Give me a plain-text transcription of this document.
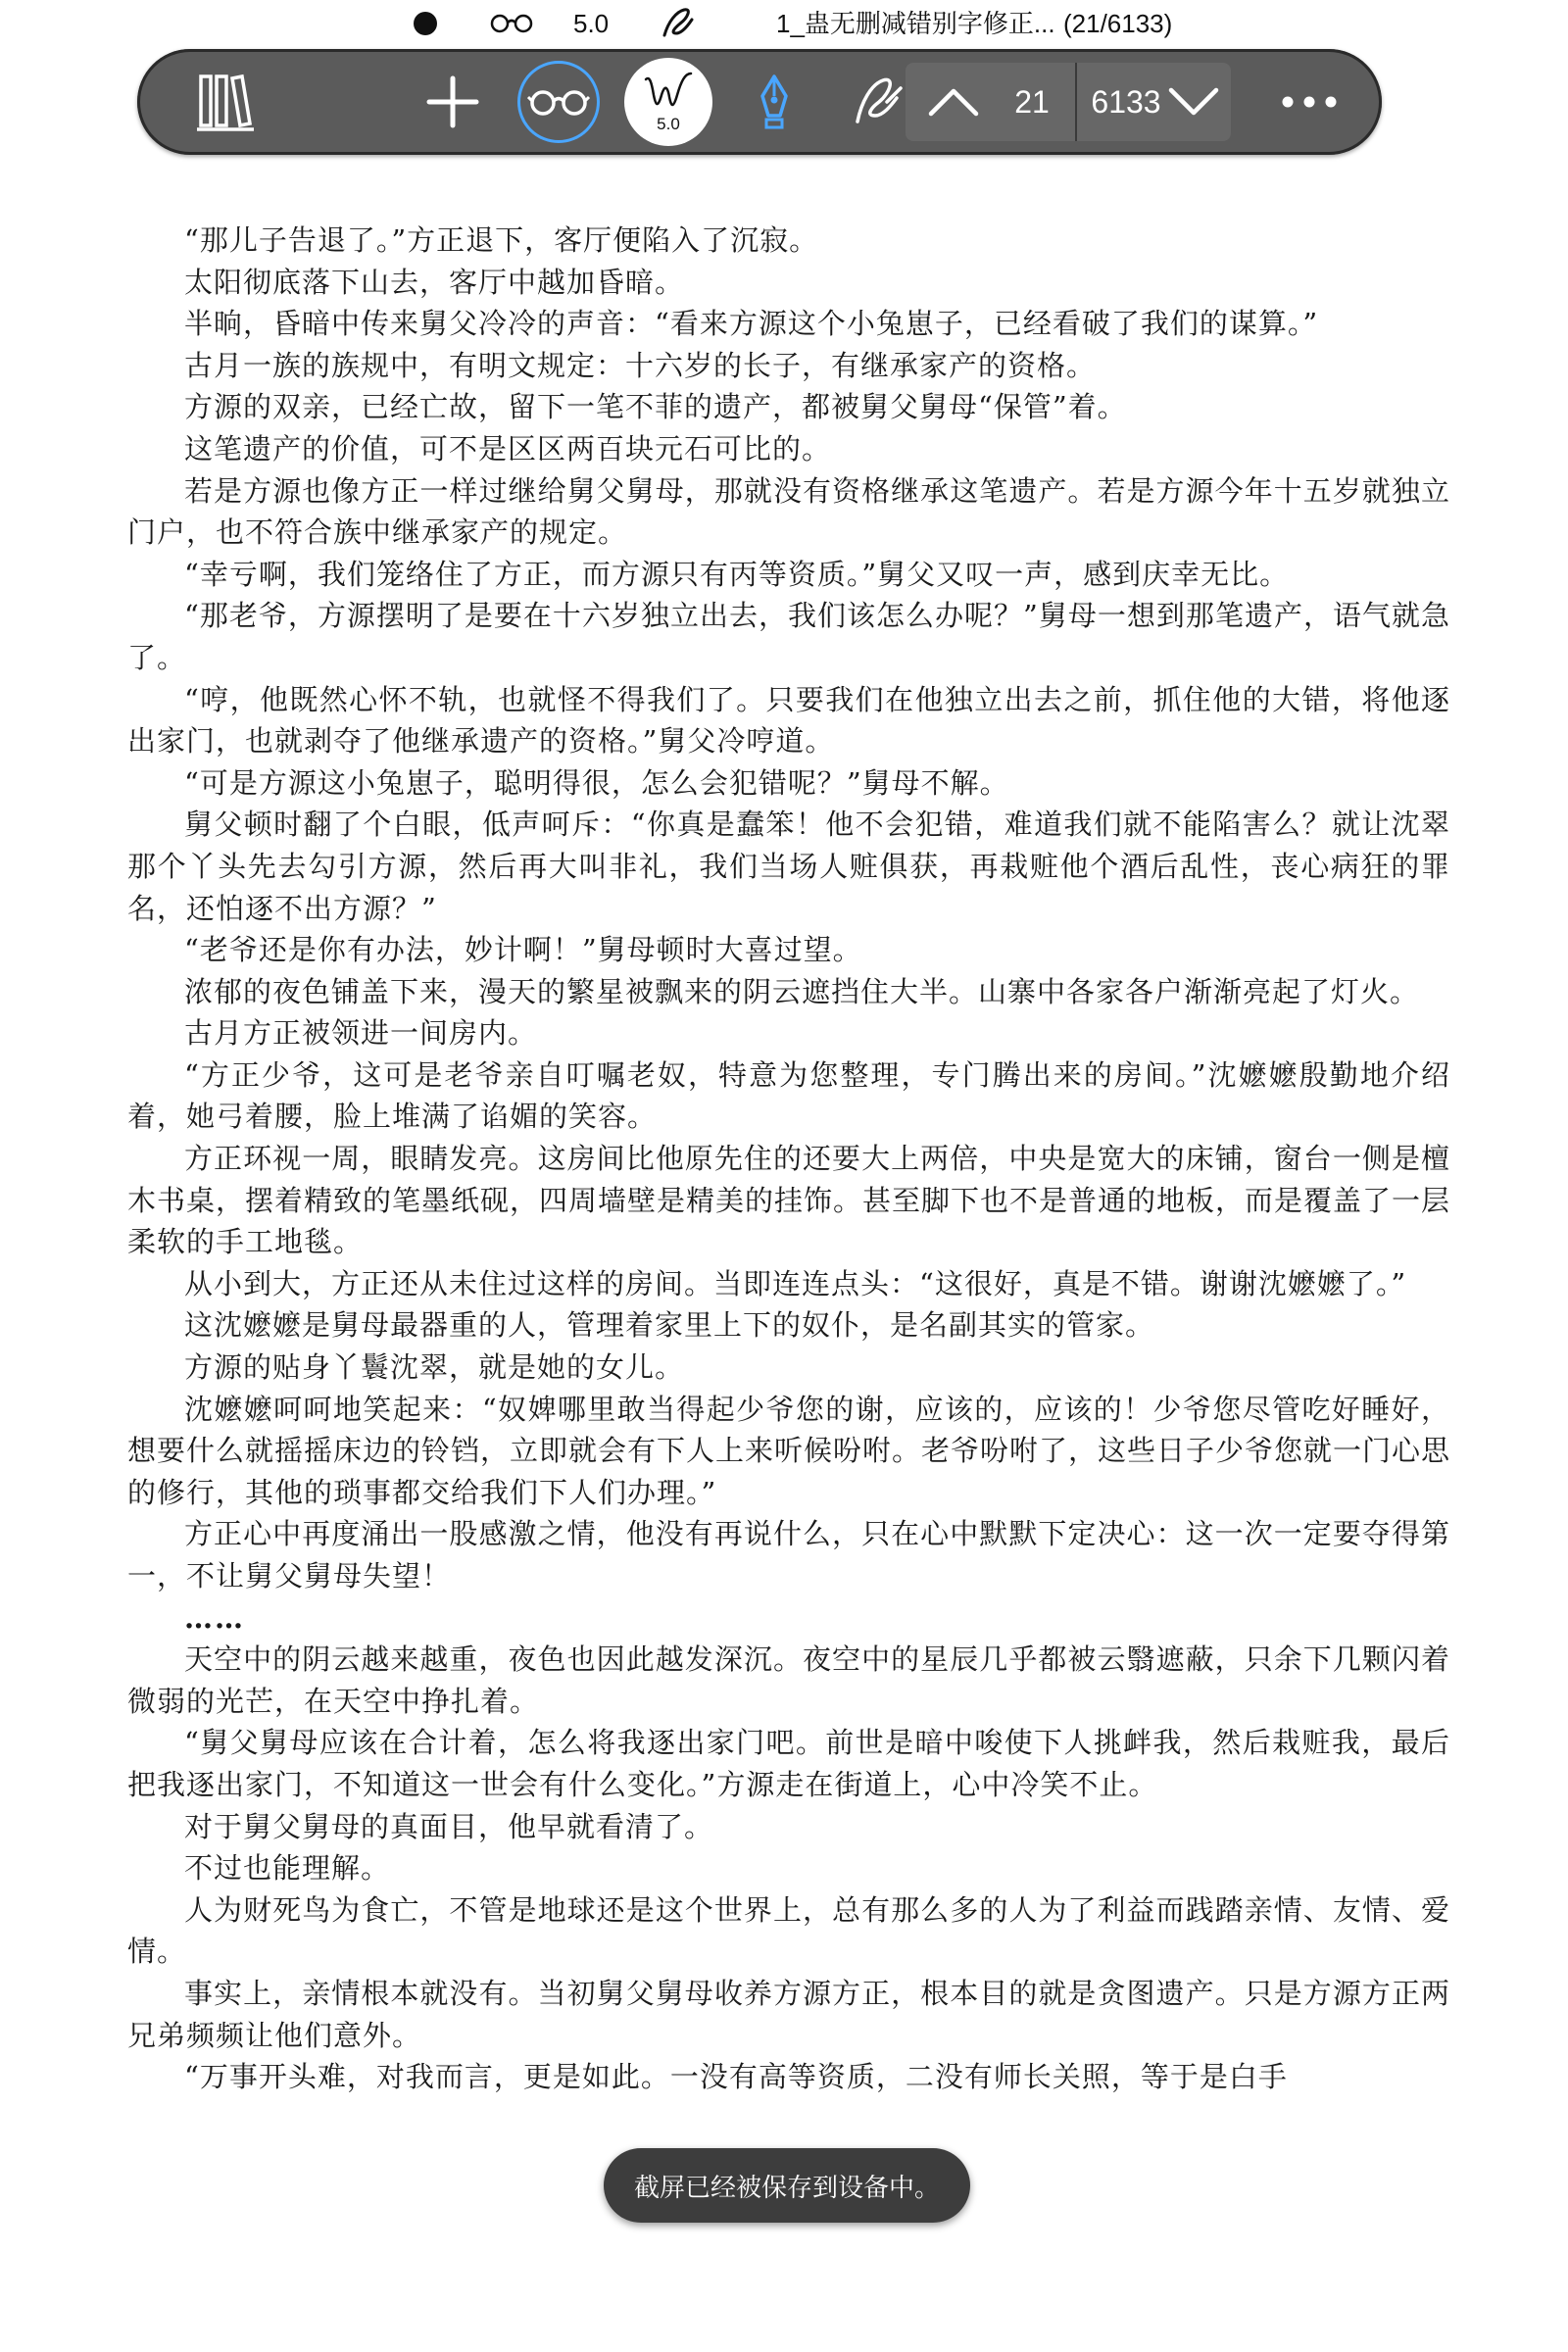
5.0	1_蛊无删减错别字修正... (21/6133)
5.0
21	6133

“那儿子告退了。”方正退下，客厅便陷入了沉寂。

太阳彻底落下山去，客厅中越加昏暗。

半晌，昏暗中传来舅父冷冷的声音：“看来方源这个小兔崽子，已经看破了我们的谋算。”

古月一族的族规中，有明文规定：十六岁的长子，有继承家产的资格。

方源的双亲，已经亡故，留下一笔不菲的遗产，都被舅父舅母“保管”着。

这笔遗产的价值，可不是区区两百块元石可比的。

若是方源也像方正一样过继给舅父舅母，那就没有资格继承这笔遗产。若是方源今年十五岁就独立门户，也不符合族中继承家产的规定。

“幸亏啊，我们笼络住了方正，而方源只有丙等资质。”舅父又叹一声，感到庆幸无比。

“那老爷，方源摆明了是要在十六岁独立出去，我们该怎么办呢？”舅母一想到那笔遗产，语气就急了。

“哼，他既然心怀不轨，也就怪不得我们了。只要我们在他独立出去之前，抓住他的大错，将他逐出家门，也就剥夺了他继承遗产的资格。”舅父冷哼道。

“可是方源这小兔崽子，聪明得很，怎么会犯错呢？”舅母不解。

舅父顿时翻了个白眼，低声呵斥：“你真是蠢笨！他不会犯错，难道我们就不能陷害么？就让沈翠那个丫头先去勾引方源，然后再大叫非礼，我们当场人赃俱获，再栽赃他个酒后乱性，丧心病狂的罪名，还怕逐不出方源？”

“老爷还是你有办法，妙计啊！”舅母顿时大喜过望。

浓郁的夜色铺盖下来，漫天的繁星被飘来的阴云遮挡住大半。山寨中各家各户渐渐亮起了灯火。

古月方正被领进一间房内。

“方正少爷，这可是老爷亲自叮嘱老奴，特意为您整理，专门腾出来的房间。”沈嬷嬷殷勤地介绍着，她弓着腰，脸上堆满了谄媚的笑容。

方正环视一周，眼睛发亮。这房间比他原先住的还要大上两倍，中央是宽大的床铺，窗台一侧是檀木书桌，摆着精致的笔墨纸砚，四周墙壁是精美的挂饰。甚至脚下也不是普通的地板，而是覆盖了一层柔软的手工地毯。

从小到大，方正还从未住过这样的房间。当即连连点头：“这很好，真是不错。谢谢沈嬷嬷了。”

这沈嬷嬷是舅母最器重的人，管理着家里上下的奴仆，是名副其实的管家。

方源的贴身丫鬟沈翠，就是她的女儿。

沈嬷嬷呵呵地笑起来：“奴婢哪里敢当得起少爷您的谢，应该的，应该的！少爷您尽管吃好睡好，想要什么就摇摇床边的铃铛，立即就会有下人上来听候吩咐。老爷吩咐了，这些日子少爷您就一门心思的修行，其他的琐事都交给我们下人们办理。”

方正心中再度涌出一股感激之情，他没有再说什么，只在心中默默下定决心：这一次一定要夺得第一，不让舅父舅母失望！

……

天空中的阴云越来越重，夜色也因此越发深沉。夜空中的星辰几乎都被云翳遮蔽，只余下几颗闪着微弱的光芒，在天空中挣扎着。

“舅父舅母应该在合计着，怎么将我逐出家门吧。前世是暗中唆使下人挑衅我，然后栽赃我，最后把我逐出家门，不知道这一世会有什么变化。”方源走在街道上，心中冷笑不止。

对于舅父舅母的真面目，他早就看清了。

不过也能理解。

人为财死鸟为食亡，不管是地球还是这个世界上，总有那么多的人为了利益而践踏亲情、友情、爱情。

事实上，亲情根本就没有。当初舅父舅母收养方源方正，根本目的就是贪图遗产。只是方源方正两兄弟频频让他们意外。

“万事开头难，对我而言，更是如此。一没有高等资质，二没有师长关照，等于是白手

截屏已经被保存到设备中。
